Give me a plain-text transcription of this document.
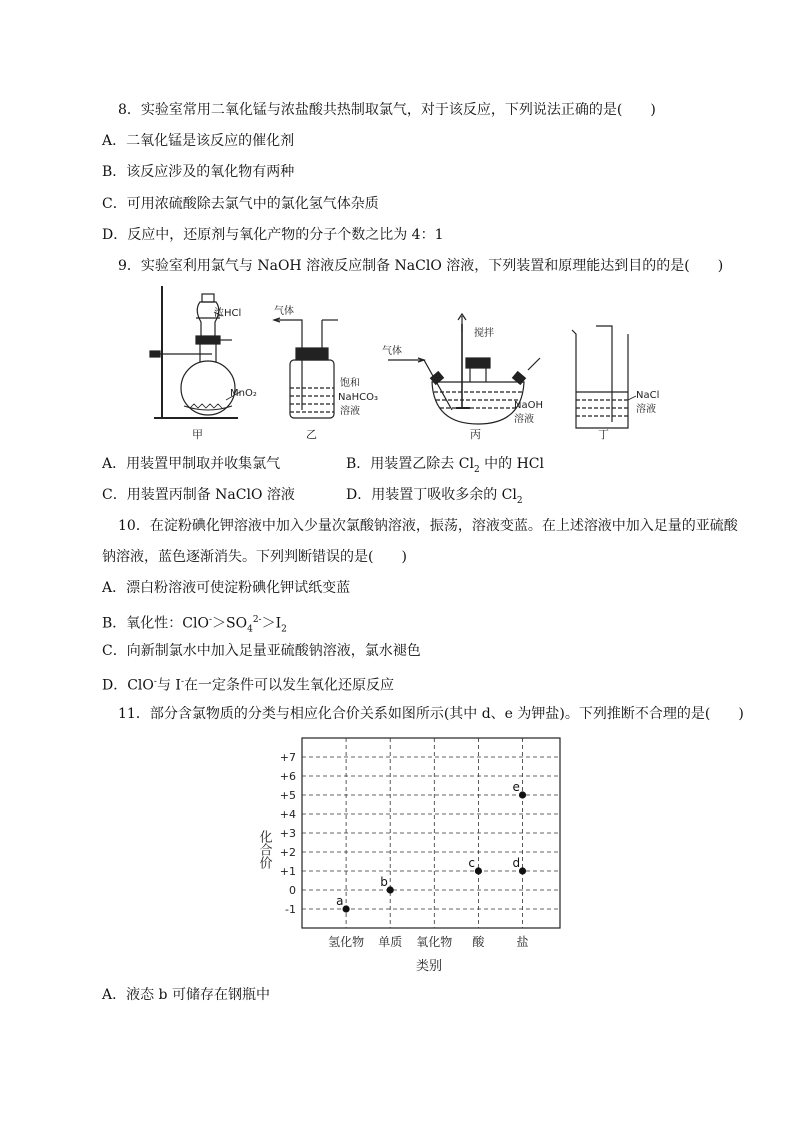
8．实验室常用二氧化锰与浓盐酸共热制取氯气，对于该反应，下列说法正确的是(　　)
A．二氧化锰是该反应的催化剂
B．该反应涉及的氧化物有两种
C．可用浓硫酸除去氯气中的氯化氢气体杂质
D．反应中，还原剂与氧化产物的分子个数之比为 4：1
9．实验室利用氯气与 NaOH 溶液反应制备 NaClO 溶液，下列装置和原理能达到目的的是(　　)
浓HCl
MnO₂
甲
气体
饱和
NaHCO₃
溶液
乙
气体
搅拌
NaOH
溶液
丙
NaCl
溶液
丁
A．用装置甲制取并收集氯气	B．用装置乙除去 $Cl_2$ 中的 HCl
C．用装置丙制备 NaClO 溶液	D．用装置丁吸收多余的 $Cl_2$
10．在淀粉碘化钾溶液中加入少量次氯酸钠溶液，振荡，溶液变蓝。在上述溶液中加入足量的亚硫酸
钠溶液，蓝色逐渐消失。下列判断错误的是(　　)
A．漂白粉溶液可使淀粉碘化钾试纸变蓝
B．氧化性：$ClO^->SO_4^{2-}>I_2$
C．向新制氯水中加入足量亚硫酸钠溶液，氯水褪色
D．ClO-与 I-在一定条件可以发生氧化还原反应
11．部分含氯物质的分类与相应化合价关系如图所示(其中 d、e 为钾盐)。下列推断不合理的是(　　)
+7
+6
+5
+4
+3
+2
+1
0
-1
氢化物 单质 氧化物 酸	盐
a
b
c	d
e
化合价
类别
A．液态 b 可储存在钢瓶中
